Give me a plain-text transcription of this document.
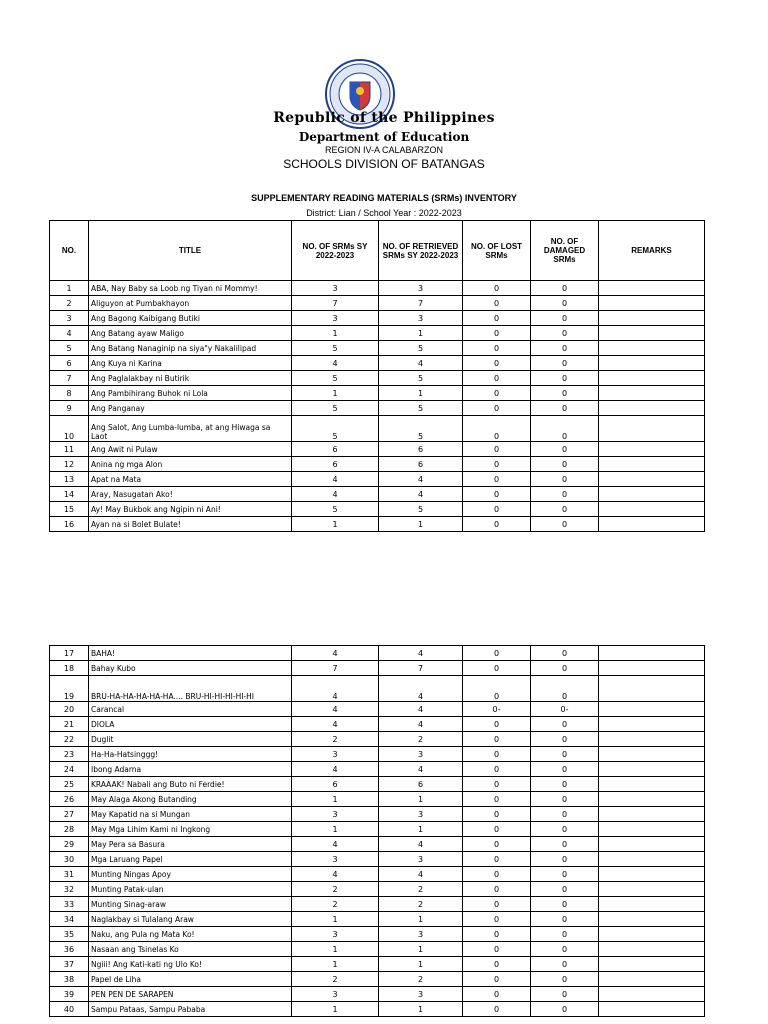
Republic of the Philippines
Department of Education
REGION IV-A CALABARZON
SCHOOLS DIVISION OF BATANGAS
SUPPLEMENTARY READING MATERIALS (SRMs) INVENTORY
District: Lian / School Year : 2022-2023
NO.	TITLE	NO. OF SRMs SY 2022-2023	NO. OF RETRIEVED SRMs SY 2022-2023	NO. OF LOST SRMs	NO. OF DAMAGED SRMs	REMARKS
1	ABA, Nay Baby sa Loob ng Tiyan ni Mommy!	3	3	0	0	
2	Aliguyon at Pumbakhayon	7	7	0	0	
3	Ang Bagong Kaibigang Butiki	3	3	0	0	
4	Ang Batang ayaw Maligo	1	1	0	0	
5	Ang Batang Nanaginip na siya"y Nakalilipad	5	5	0	0	
6	Ang Kuya ni Karina	4	4	0	0	
7	Ang Paglalakbay ni Butirik	5	5	0	0	
8	Ang Pambihirang Buhok ni Lola	1	1	0	0	
9	Ang Panganay	5	5	0	0	
10	Ang Salot, Ang Lumba-lumba, at ang Hiwaga sa Laot	5	5	0	0	
11	Ang Awit ni Pulaw	6	6	0	0	
12	Anina ng mga Alon	6	6	0	0	
13	Apat na Mata	4	4	0	0	
14	Aray, Nasugatan Ako!	4	4	0	0	
15	Ay! May Bukbok ang Ngipin ni Ani!	5	5	0	0	
16	Ayan na si Bolet Bulate!	1	1	0	0	
17	BAHA!	4	4	0	0	
18	Bahay Kubo	7	7	0	0	
19	BRU-HA-HA-HA-HA-HA.... BRU-HI-HI-HI-HI-HI	4	4	0	0	
20	Carancal	4	4	0-	0-	
21	DIOLA	4	4	0	0	
22	Duglit	2	2	0	0	
23	Ha-Ha-Hatsinggg!	3	3	0	0	
24	Ibong Adarna	4	4	0	0	
25	KRAAAK! Nabali ang Buto ni Ferdie!	6	6	0	0	
26	May Alaga Akong Butanding	1	1	0	0	
27	May Kapatid na si Mungan	3	3	0	0	
28	May Mga Lihim Kami ni Ingkong	1	1	0	0	
29	May Pera sa Basura	4	4	0	0	
30	Mga Laruang Papel	3	3	0	0	
31	Munting Ningas Apoy	4	4	0	0	
32	Munting Patak-ulan	2	2	0	0	
33	Munting Sinag-araw	2	2	0	0	
34	Naglakbay si Tulalang Araw	1	1	0	0	
35	Naku, ang Pula ng Mata Ko!	3	3	0	0	
36	Nasaan ang Tsinelas Ko	1	1	0	0	
37	Ngiii! Ang Kati-kati ng Ulo Ko!	1	1	0	0	
38	Papel de Liha	2	2	0	0	
39	PEN PEN DE SARAPEN	3	3	0	0	
40	Sampu Pataas, Sampu Pababa	1	1	0	0	
